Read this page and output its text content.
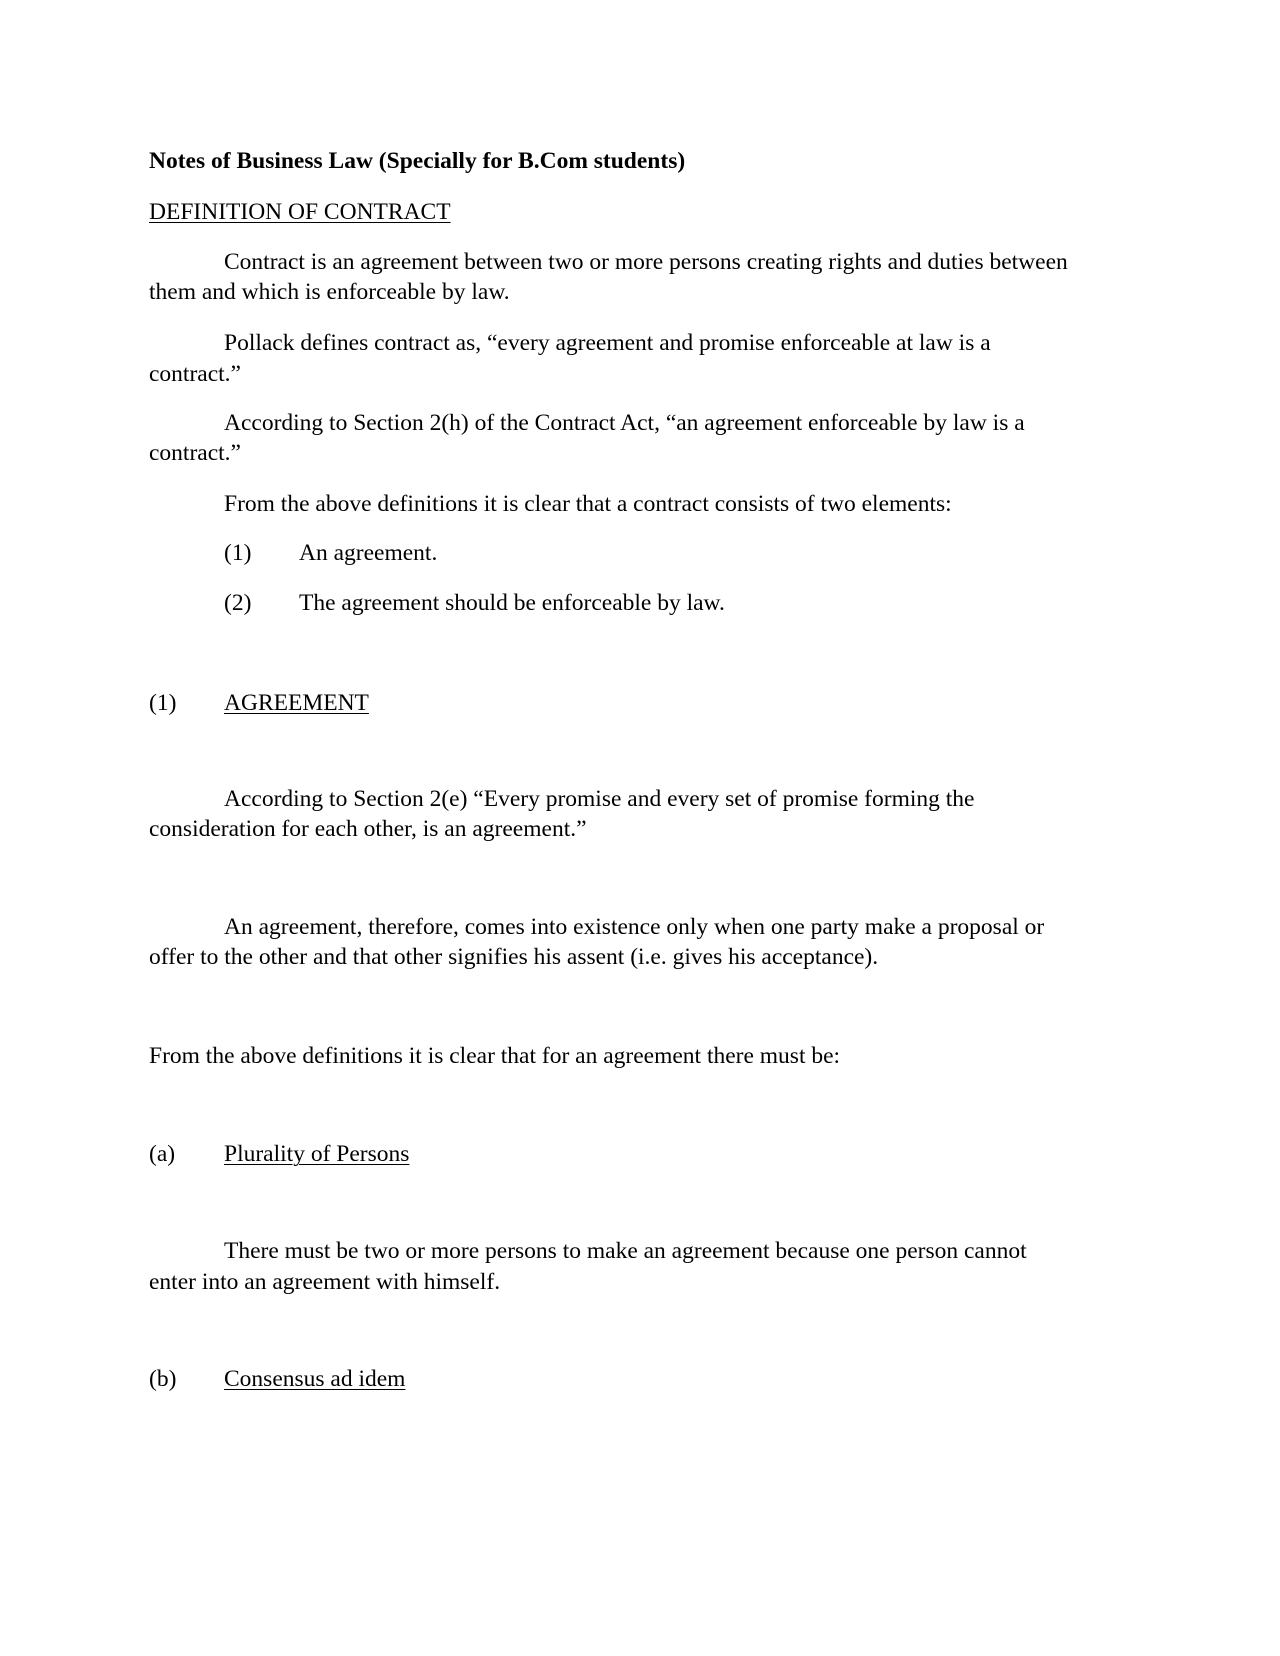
Notes of Business Law (Specially for B.Com students)
DEFINITION OF CONTRACT
Contract is an agreement between two or more persons creating rights and duties between
them and which is enforceable by law.
Pollack defines contract as, “every agreement and promise enforceable at law is a
contract.”
According to Section 2(h) of the Contract Act, “an agreement enforceable by law is a
contract.”
From the above definitions it is clear that a contract consists of two elements:
(1) An agreement.
(2) The agreement should be enforceable by law.
(1) AGREEMENT
According to Section 2(e) “Every promise and every set of promise forming the
consideration for each other, is an agreement.”
An agreement, therefore, comes into existence only when one party make a proposal or
offer to the other and that other signifies his assent (i.e. gives his acceptance).
From the above definitions it is clear that for an agreement there must be:
(a) Plurality of Persons
There must be two or more persons to make an agreement because one person cannot
enter into an agreement with himself.
(b) Consensus ad idem
